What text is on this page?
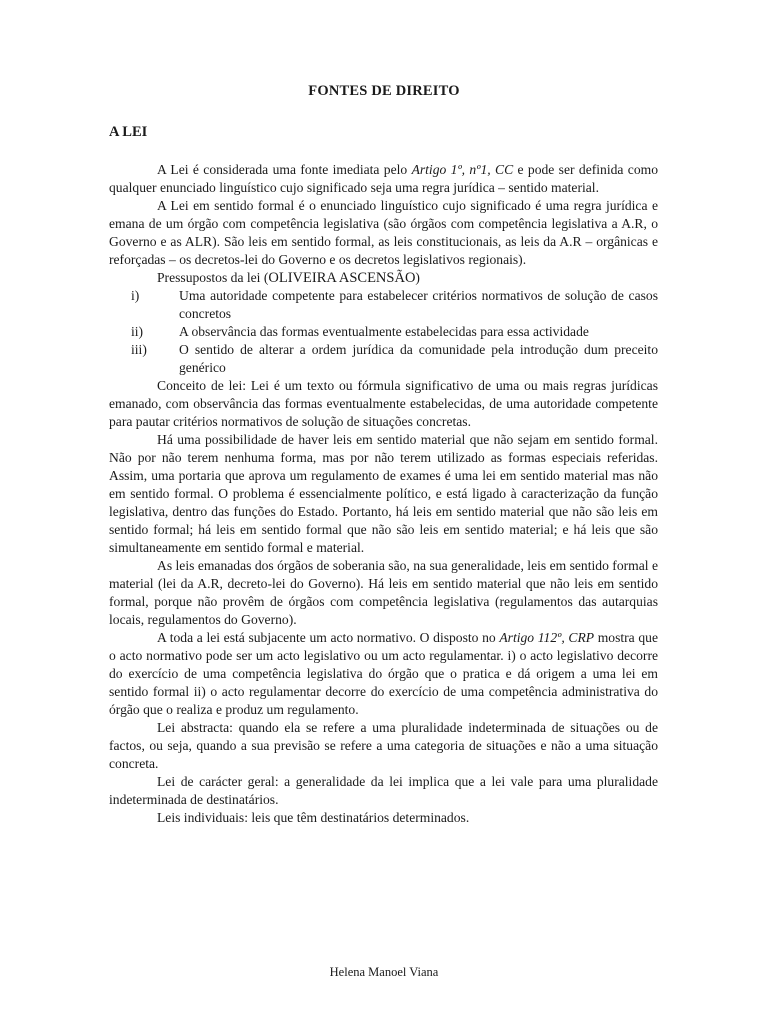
FONTES DE DIREITO
A LEI

A Lei é considerada uma fonte imediata pelo Artigo 1º, nº1, CC e pode ser definida como qualquer enunciado linguístico cujo significado seja uma regra jurídica – sentido material.

A Lei em sentido formal é o enunciado linguístico cujo significado é uma regra jurídica e emana de um órgão com competência legislativa (são órgãos com competência legislativa a A.R, o Governo e as ALR). São leis em sentido formal, as leis constitucionais, as leis da A.R – orgânicas e reforçadas – os decretos-lei do Governo e os decretos legislativos regionais).

Pressupostos da lei (OLIVEIRA ASCENSÃO)

i)	Uma autoridade competente para estabelecer critérios normativos de solução de casos concretos
ii)	A observância das formas eventualmente estabelecidas para essa actividade
iii)	O sentido de alterar a ordem jurídica da comunidade pela introdução dum preceito genérico

Conceito de lei: Lei é um texto ou fórmula significativo de uma ou mais regras jurídicas emanado, com observância das formas eventualmente estabelecidas, de uma autoridade competente para pautar critérios normativos de solução de situações concretas.

Há uma possibilidade de haver leis em sentido material que não sejam em sentido formal. Não por não terem nenhuma forma, mas por não terem utilizado as formas especiais referidas. Assim, uma portaria que aprova um regulamento de exames é uma lei em sentido material mas não em sentido formal. O problema é essencialmente político, e está ligado à caracterização da função legislativa, dentro das funções do Estado. Portanto, há leis em sentido material que não são leis em sentido formal; há leis em sentido formal que não são leis em sentido material; e há leis que são simultaneamente em sentido formal e material.

As leis emanadas dos órgãos de soberania são, na sua generalidade, leis em sentido formal e material (lei da A.R, decreto-lei do Governo). Há leis em sentido material que não leis em sentido formal, porque não provêm de órgãos com competência legislativa (regulamentos das autarquias locais, regulamentos do Governo).

A toda a lei está subjacente um acto normativo. O disposto no Artigo 112º, CRP mostra que o acto normativo pode ser um acto legislativo ou um acto regulamentar. i) o acto legislativo decorre do exercício de uma competência legislativa do órgão que o pratica e dá origem a uma lei em sentido formal ii) o acto regulamentar decorre do exercício de uma competência administrativa do órgão que o realiza e produz um regulamento.

Lei abstracta: quando ela se refere a uma pluralidade indeterminada de situações ou de factos, ou seja, quando a sua previsão se refere a uma categoria de situações e não a uma situação concreta.

Lei de carácter geral: a generalidade da lei implica que a lei vale para uma pluralidade indeterminada de destinatários.

Leis individuais: leis que têm destinatários determinados.

Helena Manoel Viana
